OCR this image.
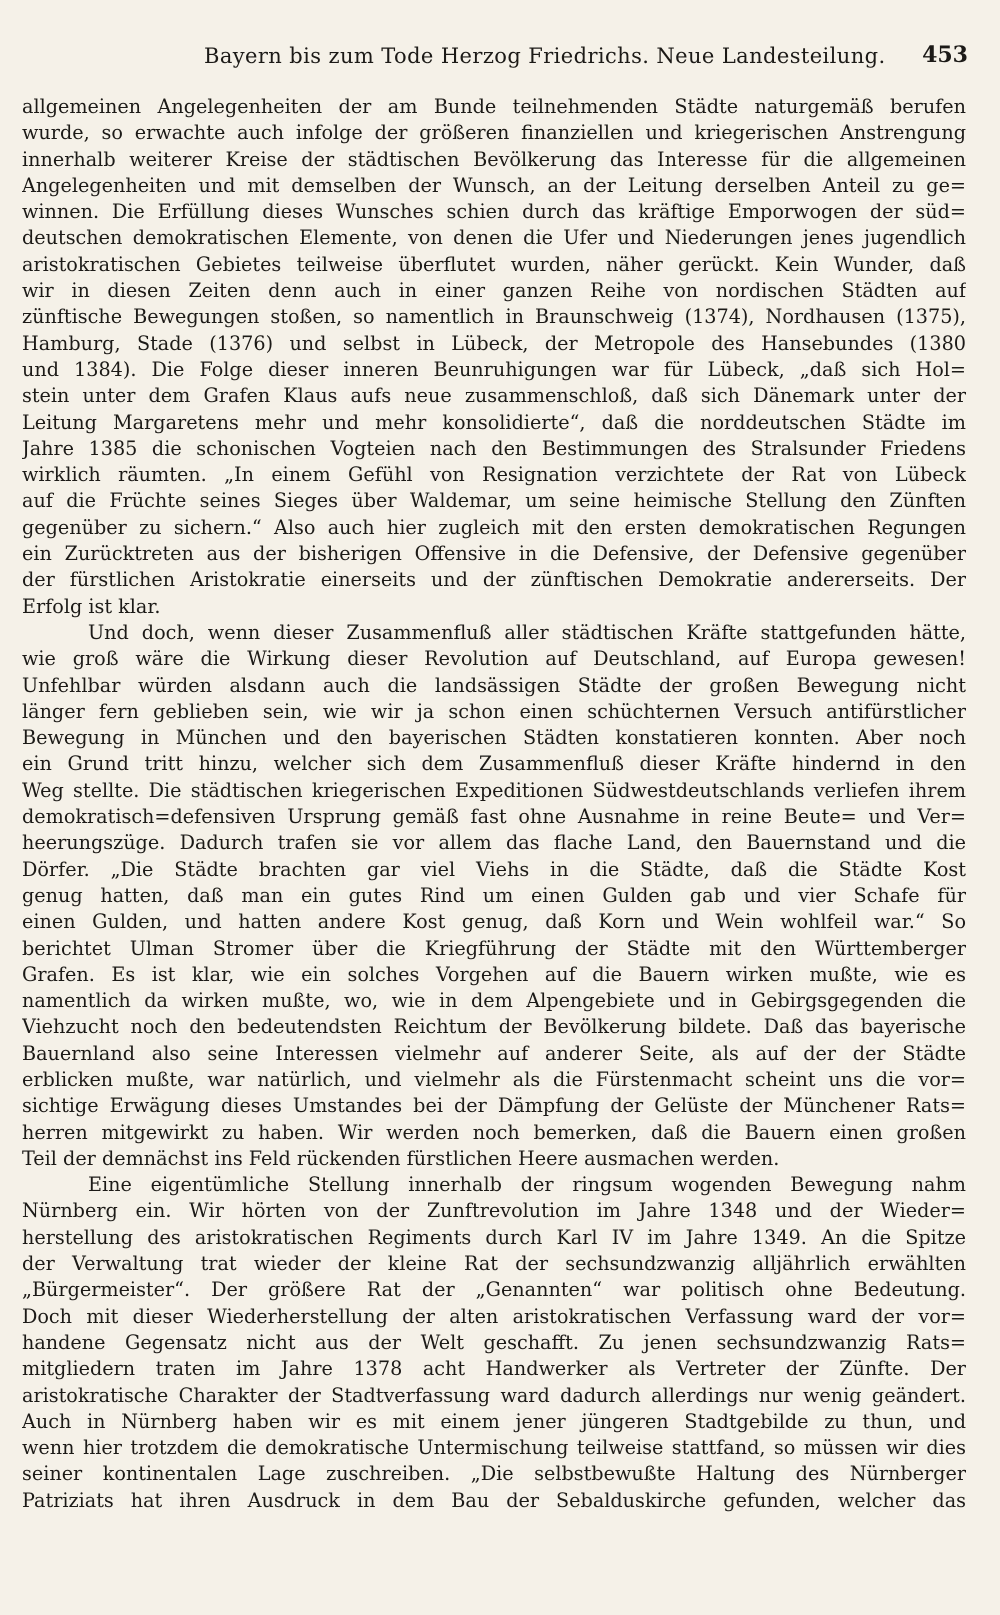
Bayern bis zum Tode Herzog Friedrichs. Neue Landesteilung. 453
allgemeinen Angelegenheiten der am Bunde teilnehmenden Städte naturgemäß berufen
wurde, so erwachte auch infolge der größeren finanziellen und kriegerischen Anstrengung
innerhalb weiterer Kreise der städtischen Bevölkerung das Interesse für die allgemeinen
Angelegenheiten und mit demselben der Wunsch, an der Leitung derselben Anteil zu ge=
winnen. Die Erfüllung dieses Wunsches schien durch das kräftige Emporwogen der süd=
deutschen demokratischen Elemente, von denen die Ufer und Niederungen jenes jugendlich
aristokratischen Gebietes teilweise überflutet wurden, näher gerückt. Kein Wunder, daß
wir in diesen Zeiten denn auch in einer ganzen Reihe von nordischen Städten auf
zünftische Bewegungen stoßen, so namentlich in Braunschweig (1374), Nordhausen (1375),
Hamburg, Stade (1376) und selbst in Lübeck, der Metropole des Hansebundes (1380
und 1384). Die Folge dieser inneren Beunruhigungen war für Lübeck, „daß sich Hol=
stein unter dem Grafen Klaus aufs neue zusammenschloß, daß sich Dänemark unter der
Leitung Margaretens mehr und mehr konsolidierte“, daß die norddeutschen Städte im
Jahre 1385 die schonischen Vogteien nach den Bestimmungen des Stralsunder Friedens
wirklich räumten. „In einem Gefühl von Resignation verzichtete der Rat von Lübeck
auf die Früchte seines Sieges über Waldemar, um seine heimische Stellung den Zünften
gegenüber zu sichern.“ Also auch hier zugleich mit den ersten demokratischen Regungen
ein Zurücktreten aus der bisherigen Offensive in die Defensive, der Defensive gegenüber
der fürstlichen Aristokratie einerseits und der zünftischen Demokratie andererseits. Der
Erfolg ist klar.
Und doch, wenn dieser Zusammenfluß aller städtischen Kräfte stattgefunden hätte,
wie groß wäre die Wirkung dieser Revolution auf Deutschland, auf Europa gewesen!
Unfehlbar würden alsdann auch die landsässigen Städte der großen Bewegung nicht
länger fern geblieben sein, wie wir ja schon einen schüchternen Versuch antifürstlicher
Bewegung in München und den bayerischen Städten konstatieren konnten. Aber noch
ein Grund tritt hinzu, welcher sich dem Zusammenfluß dieser Kräfte hindernd in den
Weg stellte. Die städtischen kriegerischen Expeditionen Südwestdeutschlands verliefen ihrem
demokratisch=defensiven Ursprung gemäß fast ohne Ausnahme in reine Beute= und Ver=
heerungszüge. Dadurch trafen sie vor allem das flache Land, den Bauernstand und die
Dörfer. „Die Städte brachten gar viel Viehs in die Städte, daß die Städte Kost
genug hatten, daß man ein gutes Rind um einen Gulden gab und vier Schafe für
einen Gulden, und hatten andere Kost genug, daß Korn und Wein wohlfeil war.“ So
berichtet Ulman Stromer über die Kriegführung der Städte mit den Württemberger
Grafen. Es ist klar, wie ein solches Vorgehen auf die Bauern wirken mußte, wie es
namentlich da wirken mußte, wo, wie in dem Alpengebiete und in Gebirgsgegenden die
Viehzucht noch den bedeutendsten Reichtum der Bevölkerung bildete. Daß das bayerische
Bauernland also seine Interessen vielmehr auf anderer Seite, als auf der der Städte
erblicken mußte, war natürlich, und vielmehr als die Fürstenmacht scheint uns die vor=
sichtige Erwägung dieses Umstandes bei der Dämpfung der Gelüste der Münchener Rats=
herren mitgewirkt zu haben. Wir werden noch bemerken, daß die Bauern einen großen
Teil der demnächst ins Feld rückenden fürstlichen Heere ausmachen werden.
Eine eigentümliche Stellung innerhalb der ringsum wogenden Bewegung nahm
Nürnberg ein. Wir hörten von der Zunftrevolution im Jahre 1348 und der Wieder=
herstellung des aristokratischen Regiments durch Karl IV im Jahre 1349. An die Spitze
der Verwaltung trat wieder der kleine Rat der sechsundzwanzig alljährlich erwählten
„Bürgermeister“. Der größere Rat der „Genannten“ war politisch ohne Bedeutung.
Doch mit dieser Wiederherstellung der alten aristokratischen Verfassung ward der vor=
handene Gegensatz nicht aus der Welt geschafft. Zu jenen sechsundzwanzig Rats=
mitgliedern traten im Jahre 1378 acht Handwerker als Vertreter der Zünfte. Der
aristokratische Charakter der Stadtverfassung ward dadurch allerdings nur wenig geändert.
Auch in Nürnberg haben wir es mit einem jener jüngeren Stadtgebilde zu thun, und
wenn hier trotzdem die demokratische Untermischung teilweise stattfand, so müssen wir dies
seiner kontinentalen Lage zuschreiben. „Die selbstbewußte Haltung des Nürnberger
Patriziats hat ihren Ausdruck in dem Bau der Sebalduskirche gefunden, welcher das
